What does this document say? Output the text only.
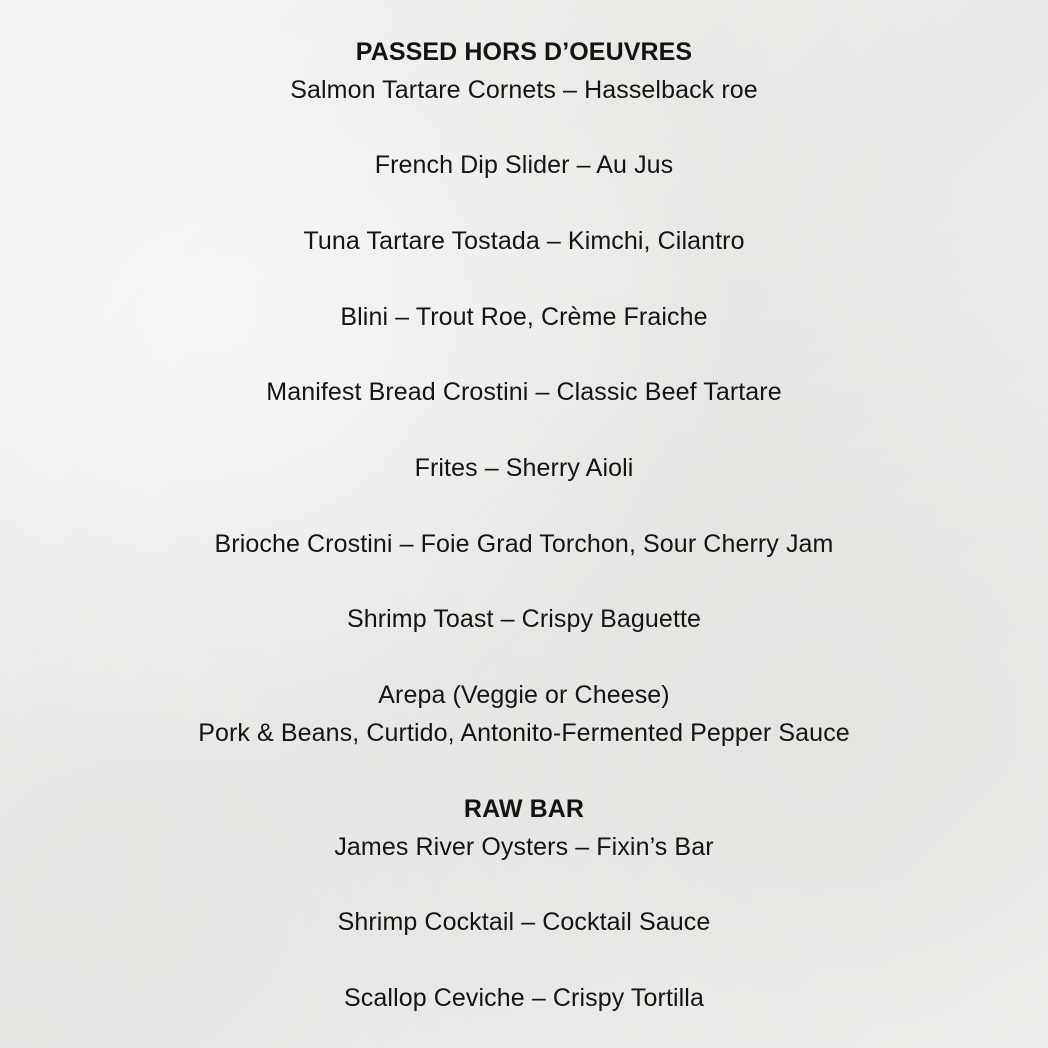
PASSED HORS D’OEUVRES
Salmon Tartare Cornets – Hasselback roe
French Dip Slider – Au Jus
Tuna Tartare Tostada – Kimchi, Cilantro
Blini – Trout Roe, Crème Fraiche
Manifest Bread Crostini – Classic Beef Tartare
Frites – Sherry Aioli
Brioche Crostini – Foie Grad Torchon, Sour Cherry Jam
Shrimp Toast – Crispy Baguette
Arepa (Veggie or Cheese)
Pork & Beans, Curtido, Antonito-Fermented Pepper Sauce
RAW BAR
James River Oysters – Fixin’s Bar
Shrimp Cocktail – Cocktail Sauce
Scallop Ceviche – Crispy Tortilla
